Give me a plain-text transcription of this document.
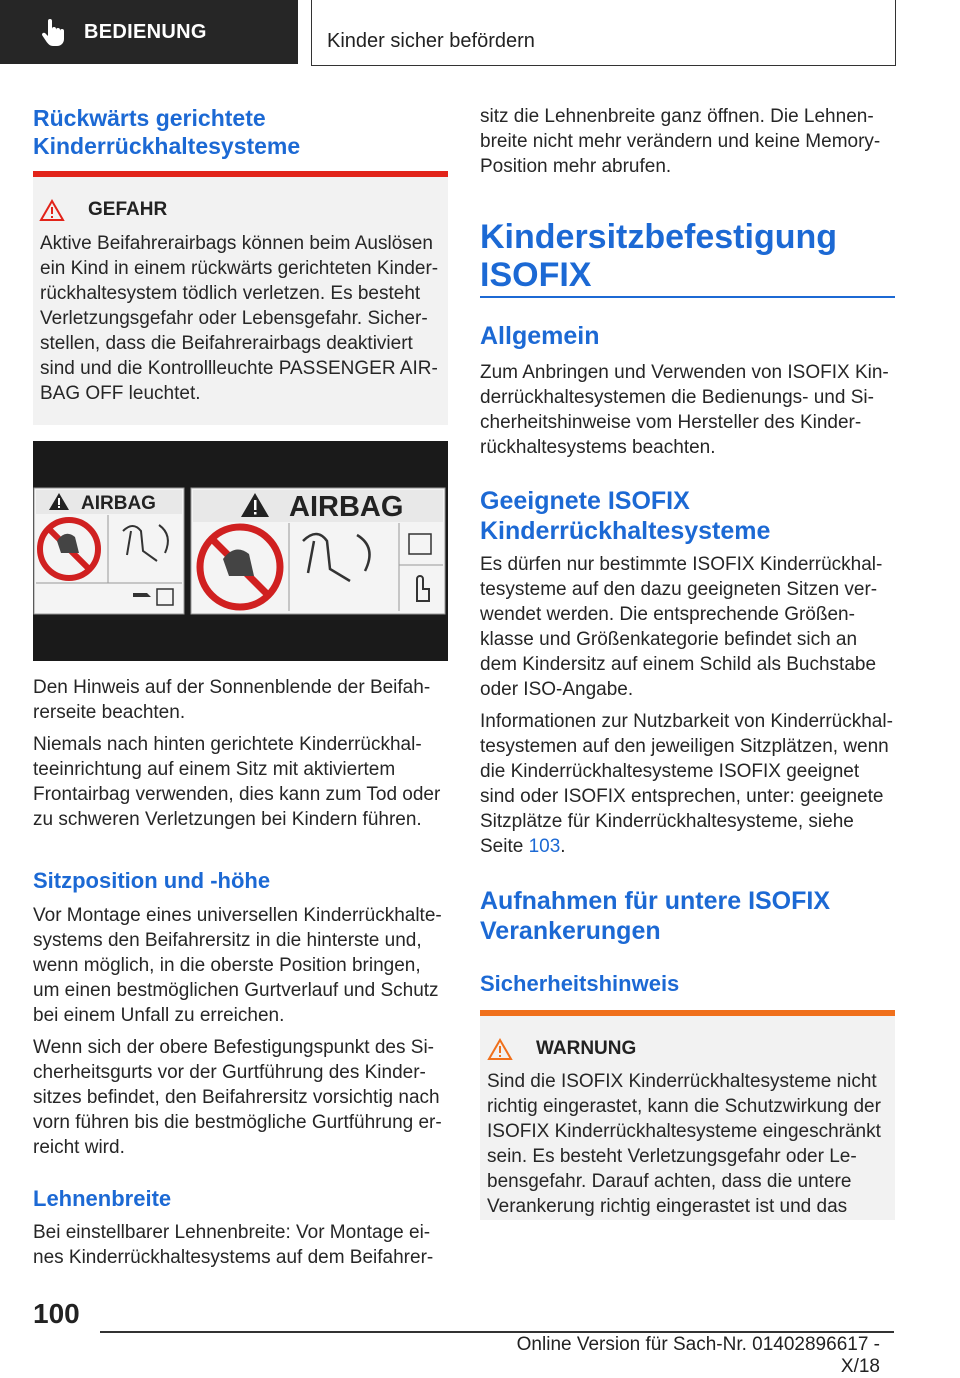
BEDIENUNG	Kinder sicher befördern
Rückwärts gerichtete
Kinderrückhaltesysteme
GEFAHR
Aktive Beifahrerairbags können beim Auslösen
ein Kind in einem rückwärts gerichteten Kinder-
rückhaltesystem tödlich verletzen. Es besteht
Verletzungsgefahr oder Lebensgefahr. Sicher-
stellen, dass die Beifahrerairbags deaktiviert
sind und die Kontrollleuchte PASSENGER AIR-
BAG OFF leuchtet.
AIRBAG	AIRBAG

Den Hinweis auf der Sonnenblende der Beifah-
rerseite beachten.

Niemals nach hinten gerichtete Kinderrückhal-
teeinrichtung auf einem Sitz mit aktiviertem
Frontairbag verwenden, dies kann zum Tod oder
zu schweren Verletzungen bei Kindern führen.

Sitzposition und -höhe

Vor Montage eines universellen Kinderrückhalte-
systems den Beifahrersitz in die hinterste und,
wenn möglich, in die oberste Position bringen,
um einen bestmöglichen Gurtverlauf und Schutz
bei einem Unfall zu erreichen.

Wenn sich der obere Befestigungspunkt des Si-
cherheitsgurts vor der Gurtführung des Kinder-
sitzes befindet, den Beifahrersitz vorsichtig nach
vorn führen bis die bestmögliche Gurtführung er-
reicht wird.

Lehnenbreite

Bei einstellbarer Lehnenbreite: Vor Montage ei-
nes Kinderrückhaltesystems auf dem Beifahrer-

sitz die Lehnenbreite ganz öffnen. Die Lehnen-
breite nicht mehr verändern und keine Memory-
Position mehr abrufen.

Kindersitzbefestigung
ISOFIX
Allgemein

Zum Anbringen und Verwenden von ISOFIX Kin-
derrückhaltesystemen die Bedienungs- und Si-
cherheitshinweise vom Hersteller des Kinder-
rückhaltesystems beachten.

Geeignete ISOFIX
Kinderrückhaltesysteme

Es dürfen nur bestimmte ISOFIX Kinderrückhal-
tesysteme auf den dazu geeigneten Sitzen ver-
wendet werden. Die entsprechende Größen-
klasse und Größenkategorie befindet sich an
dem Kindersitz auf einem Schild als Buchstabe
oder ISO-Angabe.

Informationen zur Nutzbarkeit von Kinderrückhal-
tesystemen auf den jeweiligen Sitzplätzen, wenn
die Kinderrückhaltesysteme ISOFIX geeignet
sind oder ISOFIX entsprechen, unter: geeignete
Sitzplätze für Kinderrückhaltesysteme, siehe
Seite 103.

Aufnahmen für untere ISOFIX
Verankerungen
Sicherheitshinweis
WARNUNG
Sind die ISOFIX Kinderrückhaltesysteme nicht
richtig eingerastet, kann die Schutzwirkung der
ISOFIX Kinderrückhaltesysteme eingeschränkt
sein. Es besteht Verletzungsgefahr oder Le-
bensgefahr. Darauf achten, dass die untere
Verankerung richtig eingerastet ist und das
100
Online Version für Sach-Nr. 01402896617 - X/18
